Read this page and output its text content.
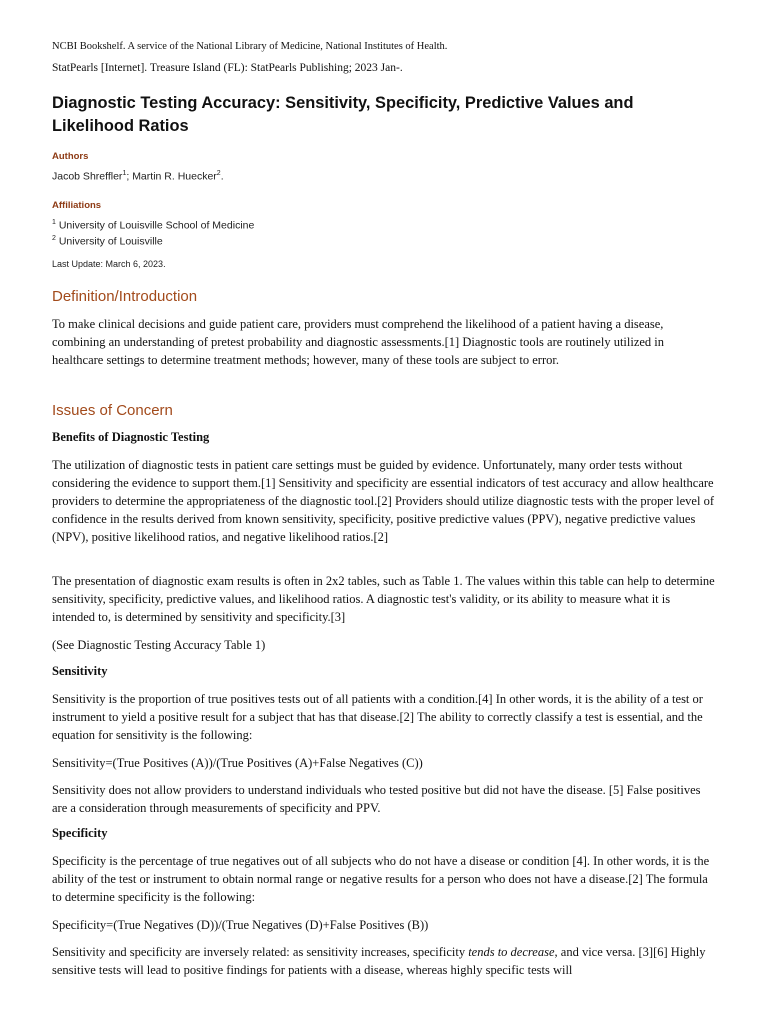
NCBI Bookshelf. A service of the National Library of Medicine, National Institutes of Health.
StatPearls [Internet]. Treasure Island (FL): StatPearls Publishing; 2023 Jan-.
Diagnostic Testing Accuracy: Sensitivity, Specificity, Predictive Values and Likelihood Ratios
Authors
Jacob Shreffler$^1$; Martin R. Huecker$^2$.
Affiliations
$^1$ University of Louisville School of Medicine
$^2$ University of Louisville
Last Update: March 6, 2023.
Definition/Introduction
To make clinical decisions and guide patient care, providers must comprehend the likelihood of a patient having a disease, combining an understanding of pretest probability and diagnostic assessments.[1] Diagnostic tools are routinely utilized in healthcare settings to determine treatment methods; however, many of these tools are subject to error.
Issues of Concern
Benefits of Diagnostic Testing
The utilization of diagnostic tests in patient care settings must be guided by evidence. Unfortunately, many order tests without considering the evidence to support them.[1] Sensitivity and specificity are essential indicators of test accuracy and allow healthcare providers to determine the appropriateness of the diagnostic tool.[2] Providers should utilize diagnostic tests with the proper level of confidence in the results derived from known sensitivity, specificity, positive predictive values (PPV), negative predictive values (NPV), positive likelihood ratios, and negative likelihood ratios.[2]
The presentation of diagnostic exam results is often in 2x2 tables, such as Table 1. The values within this table can help to determine sensitivity, specificity, predictive values, and likelihood ratios. A diagnostic test's validity, or its ability to measure what it is intended to, is determined by sensitivity and specificity.[3]
(See Diagnostic Testing Accuracy Table 1)
Sensitivity
Sensitivity is the proportion of true positives tests out of all patients with a condition.[4] In other words, it is the ability of a test or instrument to yield a positive result for a subject that has that disease.[2] The ability to correctly classify a test is essential, and the equation for sensitivity is the following:
Sensitivity=(True Positives (A))/(True Positives (A)+False Negatives (C))
Sensitivity does not allow providers to understand individuals who tested positive but did not have the disease. [5] False positives are a consideration through measurements of specificity and PPV.
Specificity
Specificity is the percentage of true negatives out of all subjects who do not have a disease or condition [4]. In other words, it is the ability of the test or instrument to obtain normal range or negative results for a person who does not have a disease.[2] The formula to determine specificity is the following:
Specificity=(True Negatives (D))/(True Negatives (D)+False Positives (B))
Sensitivity and specificity are inversely related: as sensitivity increases, specificity tends to decrease, and vice versa. [3][6] Highly sensitive tests will lead to positive findings for patients with a disease, whereas highly specific tests will
